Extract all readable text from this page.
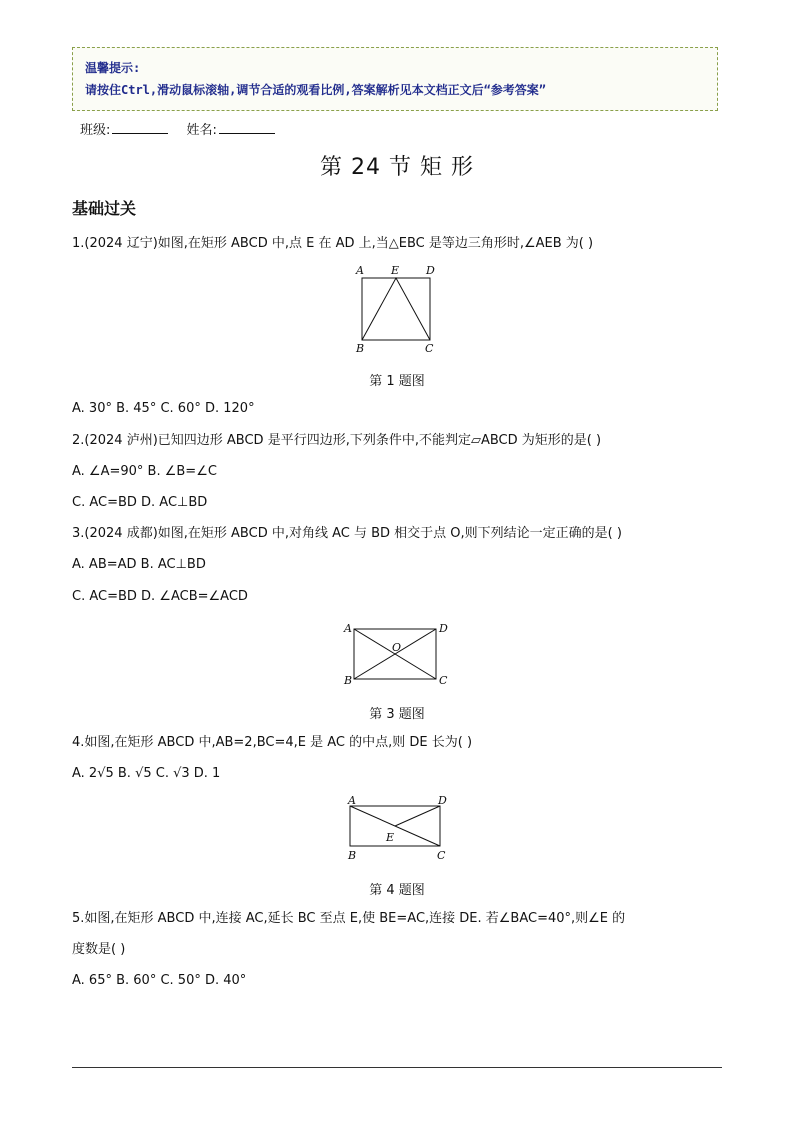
温馨提示:
请按住Ctrl,滑动鼠标滚轴,调节合适的观看比例,答案解析见本文档正文后“参考答案”
班级:	姓名:
第 24 节 矩 形
基础过关
1.(2024 辽宁)如图,在矩形 ABCD 中,点 E 在 AD 上,当△EBC 是等边三角形时,∠AEB 为( )
A E D
B	C
第 1 题图
A. 30° B. 45° C. 60° D. 120°
2.(2024 泸州)已知四边形 ABCD 是平行四边形,下列条件中,不能判定▱ABCD 为矩形的是( )
A. ∠A=90° B. ∠B=∠C
C. AC=BD D. AC⊥BD
3.(2024 成都)如图,在矩形 ABCD 中,对角线 AC 与 BD 相交于点 O,则下列结论一定正确的是( )
A. AB=AD B. AC⊥BD
C. AC=BD D. ∠ACB=∠ACD
A	D
O
B	C
第 3 题图
4.如图,在矩形 ABCD 中,AB=2,BC=4,E 是 AC 的中点,则 DE 长为( )
A. 2√5 B. √5 C. √3 D. 1
A	D
E
B	C
第 4 题图
5.如图,在矩形 ABCD 中,连接 AC,延长 BC 至点 E,使 BE=AC,连接 DE. 若∠BAC=40°,则∠E 的
度数是( )
A. 65° B. 60° C. 50° D. 40°
